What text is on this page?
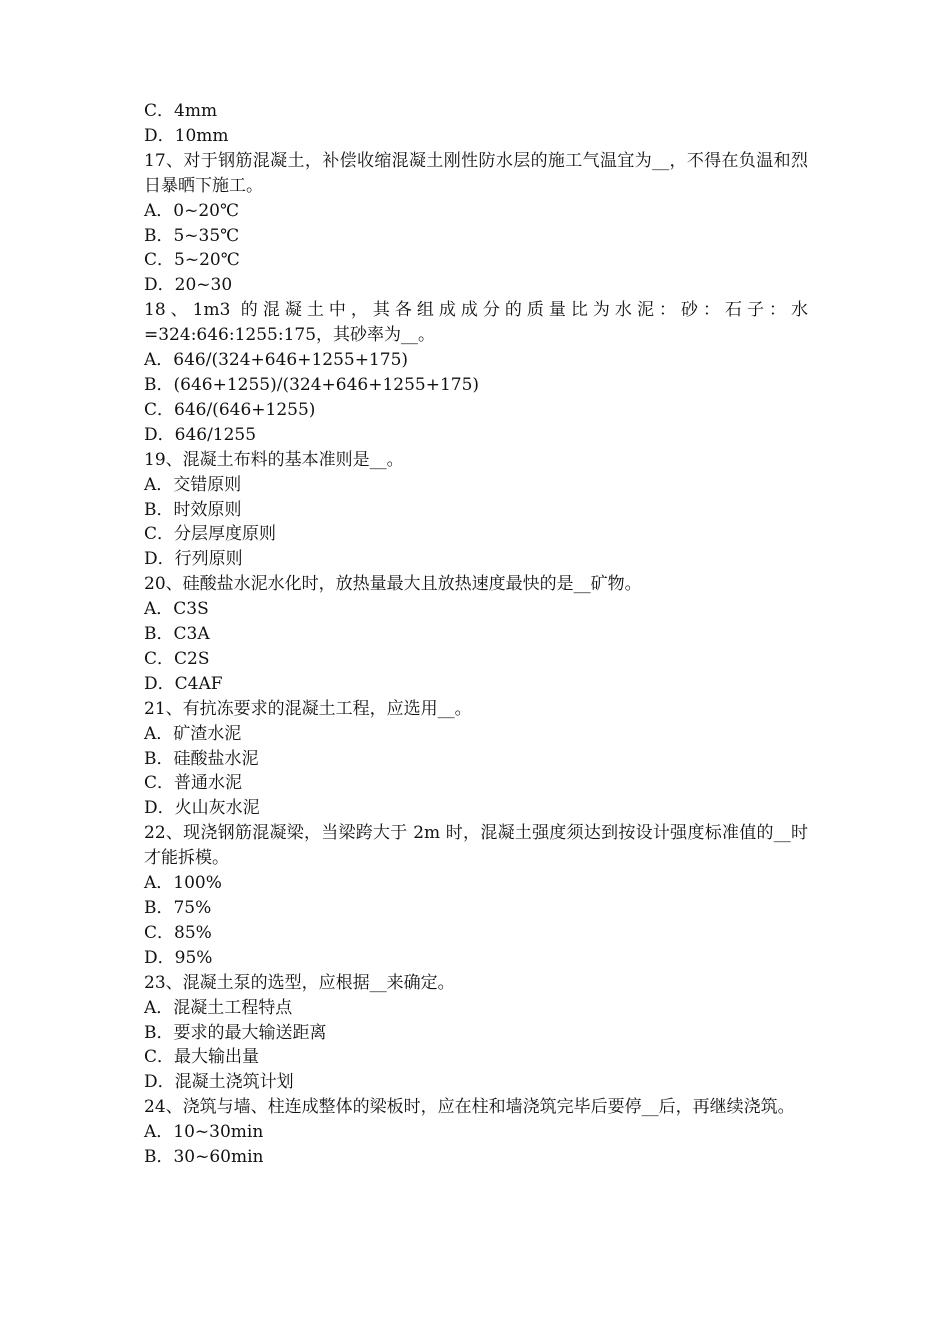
C．4mm
D．10mm
17、对于钢筋混凝土，补偿收缩混凝土刚性防水层的施工气温宜为__，不得在负温和烈日暴晒下施工。
A．0~20℃
B．5~35℃
C．5~20℃
D．20~30
18、1m3 的混凝土中，其各组成成分的质量比为水泥：砂：石子：水=324:646:1255:175，其砂率为__。
A．646/(324+646+1255+175)
B．(646+1255)/(324+646+1255+175)
C．646/(646+1255)
D．646/1255
19、混凝土布料的基本准则是__。
A．交错原则
B．时效原则
C．分层厚度原则
D．行列原则
20、硅酸盐水泥水化时，放热量最大且放热速度最快的是__矿物。
A．C3S
B．C3A
C．C2S
D．C4AF
21、有抗冻要求的混凝土工程，应选用__。
A．矿渣水泥
B．硅酸盐水泥
C．普通水泥
D．火山灰水泥
22、现浇钢筋混凝梁，当梁跨大于 2m 时，混凝土强度须达到按设计强度标准值的__时才能拆模。
A．100%
B．75%
C．85%
D．95%
23、混凝土泵的选型，应根据__来确定。
A．混凝土工程特点
B．要求的最大输送距离
C．最大输出量
D．混凝土浇筑计划
24、浇筑与墙、柱连成整体的梁板时，应在柱和墙浇筑完毕后要停__后，再继续浇筑。
A．10~30min
B．30~60min
